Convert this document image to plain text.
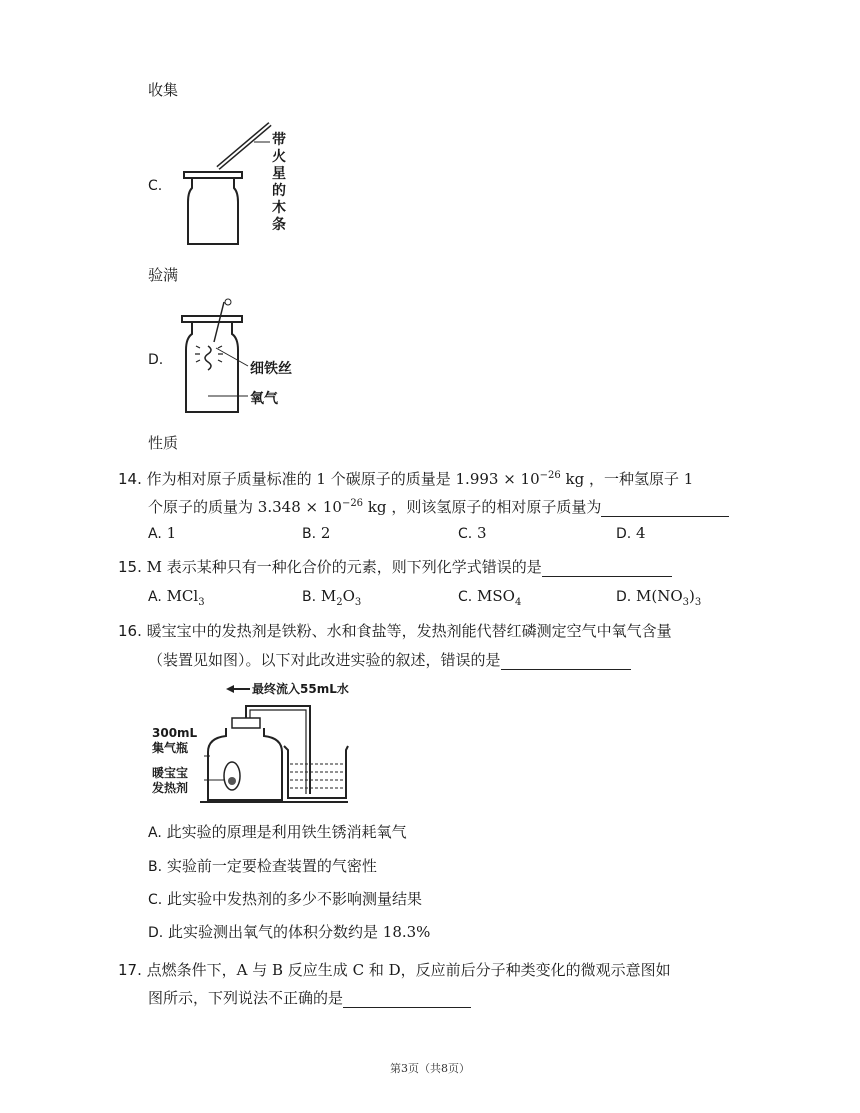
收集
C.
带
火
星
的
木
条
验满
D.
细铁丝
氧气
性质
14. 作为相对原子质量标准的 1 个碳原子的质量是 $1.993 \times 10^{-26}$ kg ，一种氢原子 1
个原子的质量为 $3.348 \times 10^{-26}$ kg ，则该氢原子的相对原子质量为
A. 1	B. 2	C. 3	D. 4
15. M 表示某种只有一种化合价的元素，则下列化学式错误的是
A. MCl$_3$	B. $M_2O_3$	C. $MSO_4$	D. $M(NO_3)_3$
16. 暖宝宝中的发热剂是铁粉、水和食盐等，发热剂能代替红磷测定空气中氧气含量
（装置见如图）。以下对此改进实验的叙述，错误的是
最终流入55mL水
300mL
集气瓶
暖宝宝
发热剂
A. 此实验的原理是利用铁生锈消耗氧气
B. 实验前一定要检查装置的气密性
C. 此实验中发热剂的多少不影响测量结果
D. 此实验测出氧气的体积分数约是 18.3%
17. 点燃条件下，A 与 B 反应生成 C 和 D，反应前后分子种类变化的微观示意图如
图所示，下列说法不正确的是
第3页（共8页）
